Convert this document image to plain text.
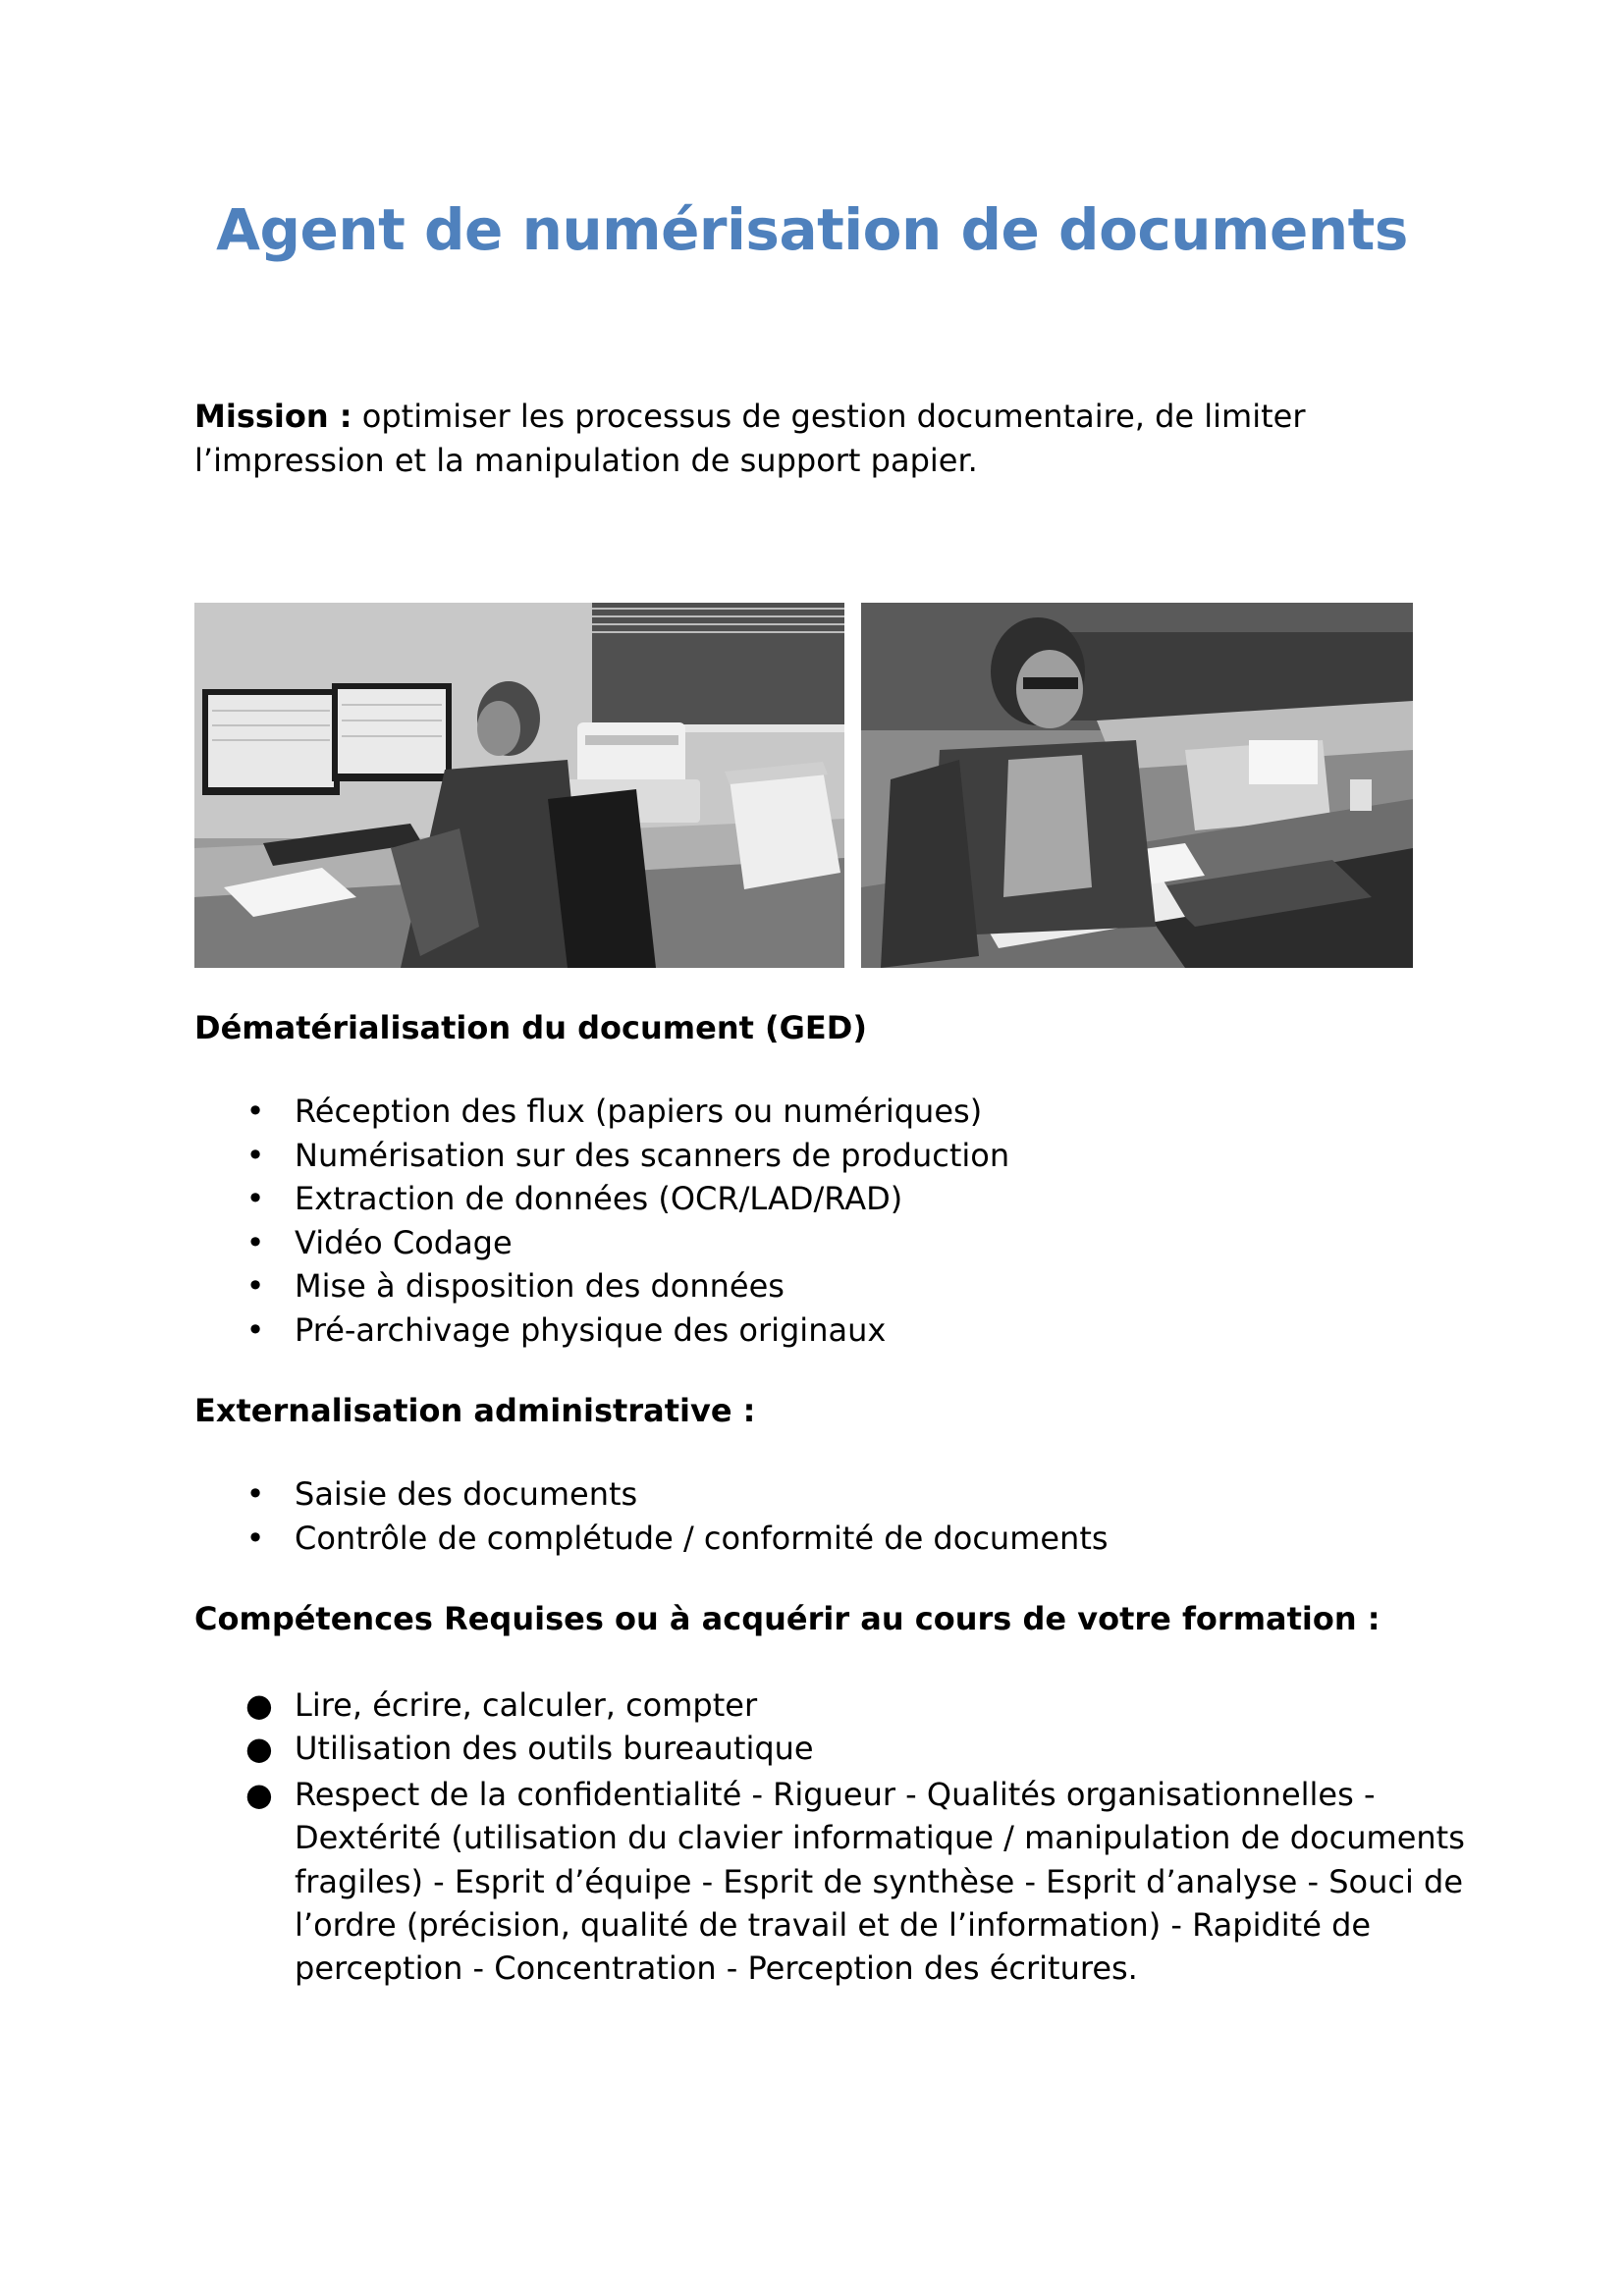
Agent de numérisation de documents

Mission : optimiser les processus de gestion documentaire, de limiter l’impression et la manipulation de support papier.

Dématérialisation du document (GED)
• Réception des flux (papiers ou numériques)
• Numérisation sur des scanners de production
• Extraction de données (OCR/LAD/RAD)
• Vidéo Codage
• Mise à disposition des données
• Pré-archivage physique des originaux
Externalisation administrative :
• Saisie des documents
• Contrôle de complétude / conformité de documents
Compétences Requises ou à acquérir au cours de votre formation :
● Lire, écrire, calculer, compter
● Utilisation des outils bureautique
● Respect de la confidentialité - Rigueur - Qualités organisationnelles - Dextérité (utilisation du clavier informatique / manipulation de documents fragiles) - Esprit d’équipe - Esprit de synthèse - Esprit d’analyse - Souci de l’ordre (précision, qualité de travail et de l’information) - Rapidité de perception - Concentration - Perception des écritures.
